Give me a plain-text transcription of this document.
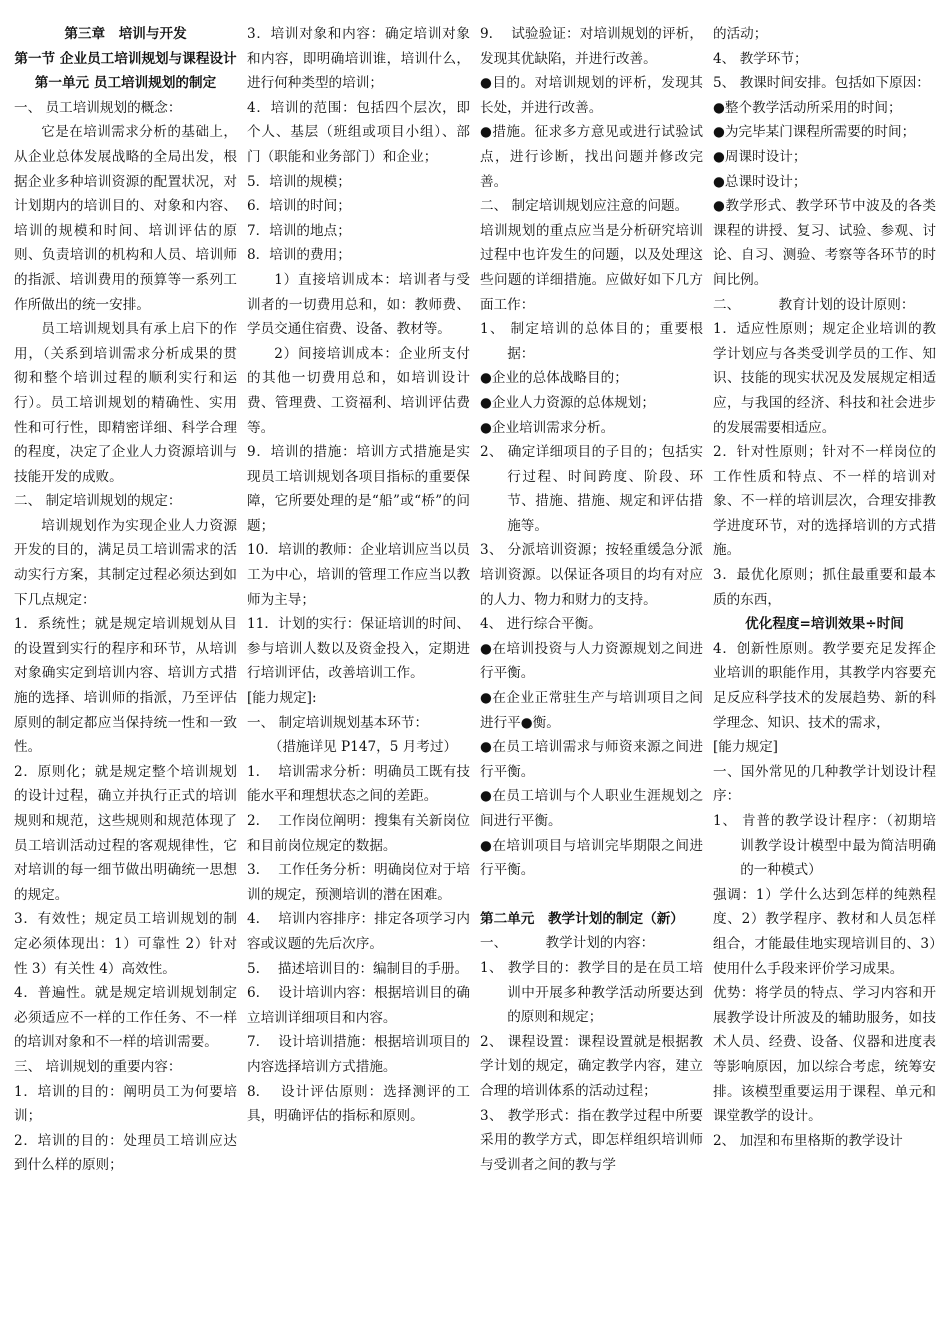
第三章　培训与开发

第一节 企业员工培训规划与课程设计

第一单元 员工培训规划的制定

一、 员工培训规划的概念：

它是在培训需求分析的基础上，从企业总体发展战略的全局出发，根据企业多种培训资源的配置状况，对计划期内的培训目的、对象和内容、培训的规模和时间、培训评估的原则、负责培训的机构和人员、培训师的指派、培训费用的预算等一系列工作所做出的统一安排。

员工培训规划具有承上启下的作用，（关系到培训需求分析成果的贯彻和整个培训过程的顺利实行和运行）。员工培训规划的精确性、实用性和可行性，即精密详细、科学合理的程度，决定了企业人力资源培训与技能开发的成败。

二、 制定培训规划的规定：

培训规划作为实现企业人力资源开发的目的，满足员工培训需求的活动实行方案，其制定过程必须达到如下几点规定：

1．系统性；就是规定培训规划从目的设置到实行的程序和环节，从培训对象确实定到培训内容、培训方式措施的选择、培训师的指派，乃至评估原则的制定都应当保持统一性和一致性。

2．原则化；就是规定整个培训规划 的设计过程，确立并执行正式的培训规则和规范，这些规则和规范体现了员工培训活动过程的客观规律性，它对培训的每一细节做出明确统一思想的规定。

3．有效性；规定员工培训规划的制定必须体现出：1）可靠性 2）针对性 3）有关性 4）高效性。

4．普遍性。就是规定培训规划制定必须适应不一样的工作任务、不一样的培训对象和不一样的培训需要。

三、 培训规划的重要内容：

1．培训的目的：阐明员工为何要培训；

2．培训的目的：处理员工培训应达到什么样的原则；

3．培训对象和内容：确定培训对象和内容，即明确培训谁，培训什么，进行何种类型的培训；

4．培训的范围：包括四个层次，即个人、基层（班组或项目小组）、部门（职能和业务部门）和企业；

5．培训的规模；

6．培训的时间；

7．培训的地点；

8．培训的费用；

1）直接培训成本：培训者与受训者的一切费用总和，如：教师费、学员交通住宿费、设备、教材等。

2）间接培训成本：企业所支付的其他一切费用总和，如培训设计费、管理费、工资福利、培训评估费等。

9．培训的措施：培训方式措施是实现员工培训规划各项目指标的重要保障，它所要处理的是“船”或“桥”的问题；

10．培训的教师：企业培训应当以员工为中心，培训的管理工作应当以教师为主导；

11．计划的实行：保证培训的时间、参与培训人数以及资金投入，定期进行培训评估，改善培训工作。

[能力规定]:

一、 制定培训规划基本环节：

（措施详见 P147，5 月考过）

1.　 培训需求分析：明确员工既有技能水平和理想状态之间的差距。

2.　 工作岗位阐明：搜集有关新岗位和目前岗位规定的数据。

3.　 工作任务分析：明确岗位对于培训的规定，预测培训的潜在困难。

4.　 培训内容排序：排定各项学习内容或议题的先后次序。

5.　 描述培训目的：编制目的手册。

6.　 设计培训内容：根据培训目的确立培训详细项目和内容。

7.　 设计培训措施：根据培训项目的内容选择培训方式措施。

8.　 设计评估原则：选择测评的工具，明确评估的指标和原则。

9.　 试验验证：对培训规划的评析，发现其优缺陷，并进行改善。

●目的。对培训规划的评析，发现其长处，并进行改善。

●措施。征求多方意见或进行试验试点，进行诊断，找出问题并修改完善。

二、 制定培训规划应注意的问题。

培训规划的重点应当是分析研究培训过程中也许发生的问题，以及处理这些问题的详细措施。应做好如下几方面工作：

1、 制定培训的总体目的；重要根据：

●企业的总体战略目的；

●企业人力资源的总体规划；

●企业培训需求分析。

2、 确定详细项目的子目的；包括实行过程、时间跨度、阶段、环节、措施、措施、规定和评估措施等。

3、 分派培训资源；按轻重缓急分派培训资源。以保证各项目的均有对应的人力、物力和财力的支持。

4、 进行综合平衡。

●在培训投资与人力资源规划之间进行平衡。

●在企业正常驻生产与培训项目之间进行平●衡。

●在员工培训需求与师资来源之间进行平衡。

●在员工培训与个人职业生涯规划之间进行平衡。

●在培训项目与培训完毕期限之间进行平衡。

第二单元　教学计划的制定（新）

一、　　　 教学计划的内容：

1、 教学目的：教学目的是在员工培训中开展多种教学活动所要达到的原则和规定；

2、 课程设置：课程设置就是根据教学计划的规定，确定教学内容，建立合理的培训体系的活动过程；

3、 教学形式：指在教学过程中所要采用的教学方式，即怎样组织培训师与受训者之间的教与学

的活动；

4、 教学环节；

5、 教课时间安排。包括如下原因：

●整个教学活动所采用的时间；

●为完毕某门课程所需要的时间；

●周课时设计；

●总课时设计；

●教学形式、教学环节中波及的各类课程的讲授、复习、试验、参观、讨论、自习、测验、考察等各环节的时间比例。

二、　　　 教育计划的设计原则：

1．适应性原则；规定企业培训的教学计划应与各类受训学员的工作、知识、技能的现实状况及发展规定相适应，与我国的经济、科技和社会进步的发展需要相适应。

2．针对性原则；针对不一样岗位的工作性质和特点、不一样的培训对象、不一样的培训层次，合理安排教学进度环节，对的选择培训的方式措施。

3．最优化原则；抓住最重要和最本质的东西，

优化程度=培训效果÷时间

4．创新性原则。教学要充足发挥企业培训的职能作用，其教学内容要充足反应科学技术的发展趋势、新的科学理念、知识、技术的需求，

[能力规定]

一、国外常见的几种教学计划设计程序：

1、 肯普的教学设计程序：（初期培训教学设计模型中最为简洁明确的一种模式）

强调：1）学什么达到怎样的纯熟程度、2）教学程序、教材和人员怎样组合，才能最佳地实现培训目的、3）使用什么手段来评价学习成果。

优势：将学员的特点、学习内容和开展教学设计所波及的辅助服务，如技术人员、经费、设备、仪器和进度表等影响原因，加以综合考虑，统筹安排。该模型重要运用于课程、单元和课堂教学的设计。

2、 加涅和布里格斯的教学设计
